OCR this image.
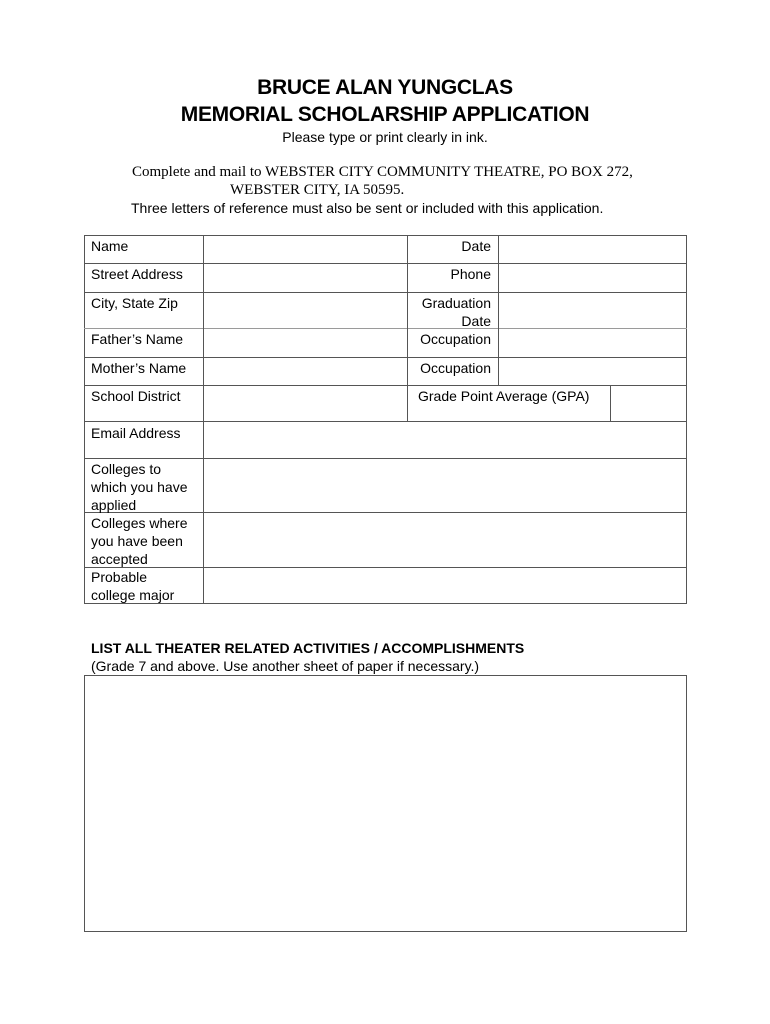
BRUCE ALAN YUNGCLAS
MEMORIAL SCHOLARSHIP APPLICATION
Please type or print clearly in ink.
Complete and mail to WEBSTER CITY COMMUNITY THEATRE, PO BOX 272,
WEBSTER CITY, IA 50595.
Three letters of reference must also be sent or included with this application.
Name	Date
Street Address	Phone
City, State Zip	Graduation
Date
Father’s Name	Occupation
Mother’s Name	Occupation
School District	Grade Point Average (GPA)
Email Address
Colleges to
which you have
applied
Colleges where
you have been
accepted
Probable
college major
LIST ALL THEATER RELATED ACTIVITIES / ACCOMPLISHMENTS
(Grade 7 and above. Use another sheet of paper if necessary.)
